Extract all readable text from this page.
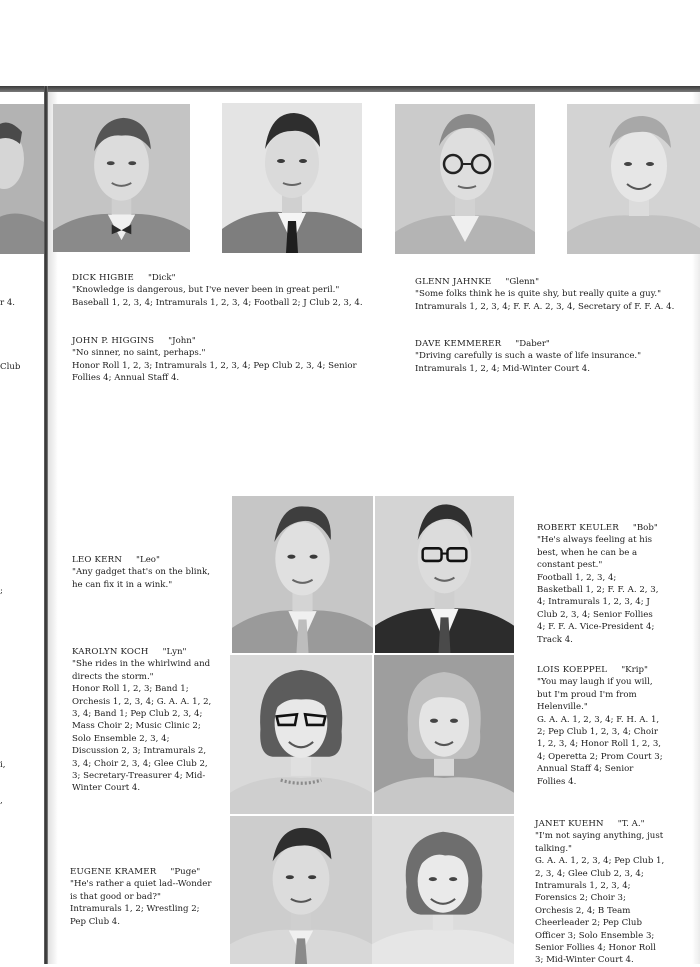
r 4.
Club
;
i,
,

DICK HIGBIE "Dick"

"Knowledge is dangerous, but I've never been in great peril."
Baseball 1, 2, 3, 4; Intramurals 1, 2, 3, 4; Football 2; J Club 2, 3, 4.

JOHN P. HIGGINS "John"

"No sinner, no saint, perhaps."
Honor Roll 1, 2, 3; Intramurals 1, 2, 3, 4; Pep Club 2, 3, 4; Senior Follies 4; Annual Staff 4.

GLENN JAHNKE "Glenn"

"Some folks think he is quite shy, but really quite a guy."
Intramurals 1, 2, 3, 4; F. F. A. 2, 3, 4, Secretary of F. F. A. 4.

DAVE KEMMERER "Daber"

"Driving carefully is such a waste of life insurance."
Intramurals 1, 2, 4; Mid-Winter Court 4.

LEO KERN "Leo"

"Any gadget that's on the blink, he can fix it in a wink."

KAROLYN KOCH "Lyn"

"She rides in the whirlwind and directs the storm."
Honor Roll 1, 2, 3; Band 1; Orchesis 1, 2, 3, 4; G. A. A. 1, 2, 3, 4; Band 1; Pep Club 2, 3, 4; Mass Choir 2; Music Clinic 2; Solo Ensemble 2, 3, 4; Discussion 2, 3; Intramurals 2, 3, 4; Choir 2, 3, 4; Glee Club 2, 3; Secretary-Treasurer 4; Mid-Winter Court 4.

EUGENE KRAMER "Puge"

"He's rather a quiet lad--Wonder is that good or bad?"
Intramurals 1, 2; Wrestling 2; Pep Club 4.

ROBERT KEULER "Bob"

"He's always feeling at his best, when he can be a constant pest."
Football 1, 2, 3, 4; Basketball 1, 2; F. F. A. 2, 3, 4; Intramurals 1, 2, 3, 4; J Club 2, 3, 4; Senior Follies 4; F. F. A. Vice-President 4; Track 4.

LOIS KOEPPEL "Krip"

"You may laugh if you will, but I'm proud I'm from Helenville."
G. A. A. 1, 2, 3, 4; F. H. A. 1, 2; Pep Club 1, 2, 3, 4; Choir 1, 2, 3, 4; Honor Roll 1, 2, 3, 4; Operetta 2; Prom Court 3; Annual Staff 4; Senior Follies 4.

JANET KUEHN "T. A."

"I'm not saying anything, just talking."
G. A. A. 1, 2, 3, 4; Pep Club 1, 2, 3, 4; Glee Club 2, 3, 4; Intramurals 1, 2, 3, 4; Forensics 2; Choir 3; Orchesis 2, 4; B Team Cheerleader 2; Pep Club Officer 3; Solo Ensemble 3; Senior Follies 4; Honor Roll 3; Mid-Winter Court 4.
